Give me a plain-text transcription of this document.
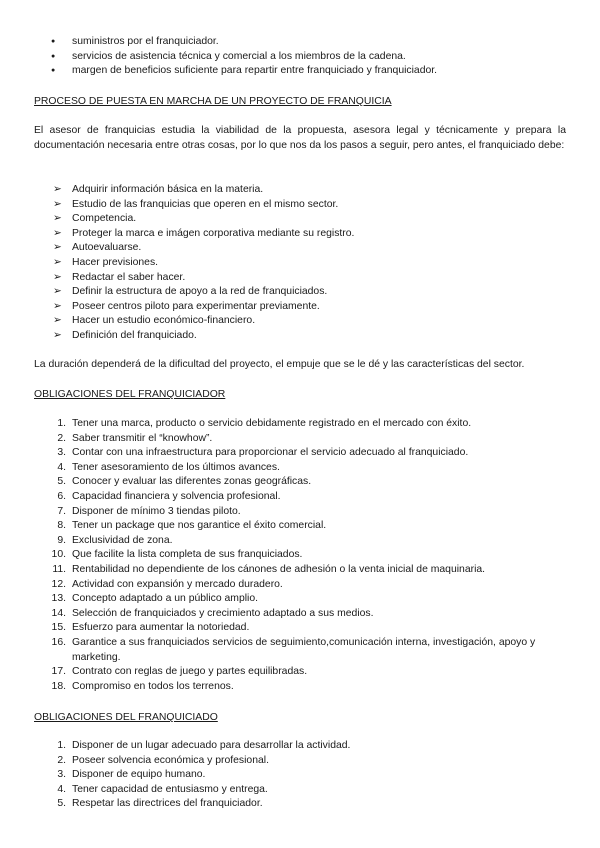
● suministros por el franquiciador.
● servicios de asistencia técnica y comercial a los miembros de la cadena.
● margen de beneficios suficiente para repartir entre franquiciado y franquiciador.
PROCESO DE PUESTA EN MARCHA DE UN PROYECTO DE FRANQUICIA

El asesor de franquicias estudia la viabilidad de la propuesta, asesora legal y técnicamente y prepara la documentación necesaria entre otras cosas, por lo que nos da los pasos a seguir, pero antes, el franquiciado debe:

➢ Adquirir información básica en la materia.
➢ Estudio de las franquicias que operen en el mismo sector.
➢ Competencia.
➢ Proteger la marca e imágen corporativa mediante su registro.
➢ Autoevaluarse.
➢ Hacer previsiones.
➢ Redactar el saber hacer.
➢ Definir la estructura de apoyo a la red de franquiciados.
➢ Poseer centros piloto para experimentar previamente.
➢ Hacer un estudio económico-financiero.
➢ Definición del franquiciado.

La duración dependerá de la dificultad del proyecto, el empuje que se le dé y las características del sector.

OBLIGACIONES DEL FRANQUICIADOR
1. Tener una marca, producto o servicio debidamente registrado en el mercado con éxito.
2. Saber transmitir el “knowhow”.
3. Contar con una infraestructura para proporcionar el servicio adecuado al franquiciado.
4. Tener asesoramiento de los últimos avances.
5. Conocer y evaluar las diferentes zonas geográficas.
6. Capacidad financiera y solvencia profesional.
7. Disponer de mínimo 3 tiendas piloto.
8. Tener un package que nos garantice el éxito comercial.
9. Exclusividad de zona.
10. Que facilite la lista completa de sus franquiciados.
11. Rentabilidad no dependiente de los cánones de adhesión o la venta inicial de maquinaria.
12. Actividad con expansión y mercado duradero.
13. Concepto adaptado a un público amplio.
14. Selección de franquiciados y crecimiento adaptado a sus medios.
15. Esfuerzo para aumentar la notoriedad.
16. Garantice a sus franquiciados servicios de seguimiento,comunicación interna, investigación, apoyo y marketing.
17. Contrato con reglas de juego y partes equilibradas.
18. Compromiso en todos los terrenos.
OBLIGACIONES DEL FRANQUICIADO
1. Disponer de un lugar adecuado para desarrollar la actividad.
2. Poseer solvencia económica y profesional.
3. Disponer de equipo humano.
4. Tener capacidad de entusiasmo y entrega.
5. Respetar las directrices del franquiciador.
